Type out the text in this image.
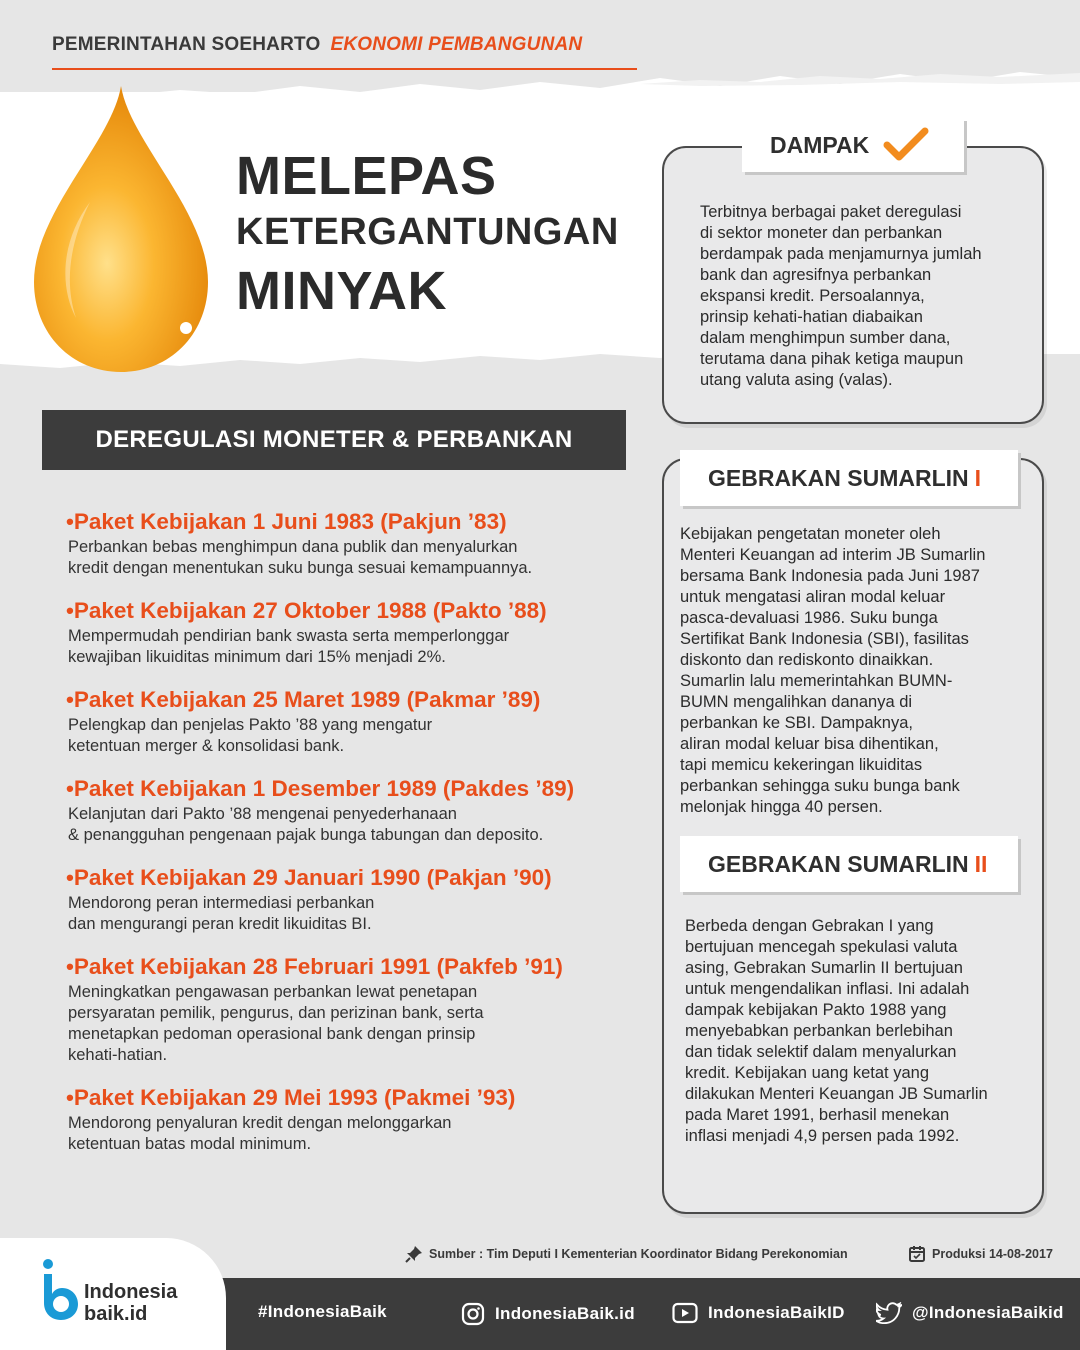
PEMERINTAHAN SOEHARTO EKONOMI PEMBANGUNAN
MELEPAS
KETERGANTUNGAN
MINYAK
DEREGULASI MONETER & PERBANKAN
•Paket Kebijakan 1 Juni 1983 (Pakjun ’83)
Perbankan bebas menghimpun dana publik dan menyalurkan
kredit dengan menentukan suku bunga sesuai kemampuannya.
•Paket Kebijakan 27 Oktober 1988 (Pakto ’88)
Mempermudah pendirian bank swasta serta memperlonggar
kewajiban likuiditas minimum dari 15% menjadi 2%.
•Paket Kebijakan 25 Maret 1989 (Pakmar ’89)
Pelengkap dan penjelas Pakto ’88 yang mengatur
ketentuan merger & konsolidasi bank.
•Paket Kebijakan 1 Desember 1989 (Pakdes ’89)
Kelanjutan dari Pakto ’88 mengenai penyederhanaan
& penangguhan pengenaan pajak bunga tabungan dan deposito.
•Paket Kebijakan 29 Januari 1990 (Pakjan ’90)
Mendorong peran intermediasi perbankan
dan mengurangi peran kredit likuiditas BI.
•Paket Kebijakan 28 Februari 1991 (Pakfeb ’91)
Meningkatkan pengawasan perbankan lewat penetapan
persyaratan pemilik, pengurus, dan perizinan bank, serta
menetapkan pedoman operasional bank dengan prinsip
kehati-hatian.
•Paket Kebijakan 29 Mei 1993 (Pakmei ’93)
Mendorong penyaluran kredit dengan melonggarkan
ketentuan batas modal minimum.
DAMPAK
Terbitnya berbagai paket deregulasi
di sektor moneter dan perbankan
berdampak pada menjamurnya jumlah
bank dan agresifnya perbankan
ekspansi kredit. Persoalannya,
prinsip kehati-hatian diabaikan
dalam menghimpun sumber dana,
terutama dana pihak ketiga maupun
utang valuta asing (valas).
GEBRAKAN SUMARLIN I
Kebijakan pengetatan moneter oleh
Menteri Keuangan ad interim JB Sumarlin
bersama Bank Indonesia pada Juni 1987
untuk mengatasi aliran modal keluar
pasca-devaluasi 1986. Suku bunga
Sertifikat Bank Indonesia (SBI), fasilitas
diskonto dan rediskonto dinaikkan.
Sumarlin lalu memerintahkan BUMN-
BUMN mengalihkan dananya di
perbankan ke SBI. Dampaknya,
aliran modal keluar bisa dihentikan,
tapi memicu kekeringan likuiditas
perbankan sehingga suku bunga bank
melonjak hingga 40 persen.
GEBRAKAN SUMARLIN II
Berbeda dengan Gebrakan I yang
bertujuan mencegah spekulasi valuta
asing, Gebrakan Sumarlin II bertujuan
untuk mengendalikan inflasi. Ini adalah
dampak kebijakan Pakto 1988 yang
menyebabkan perbankan berlebihan
dan tidak selektif dalam menyalurkan
kredit. Kebijakan uang ketat yang
dilakukan Menteri Keuangan JB Sumarlin
pada Maret 1991, berhasil menekan
inflasi menjadi 4,9 persen pada 1992.
Sumber : Tim Deputi I Kementerian Koordinator Bidang Perekonomian	Produksi 14-08-2017
Indonesia
baik.id	#IndonesiaBaik	IndonesiaBaik.id	IndonesiaBaikID	@IndonesiaBaikid
